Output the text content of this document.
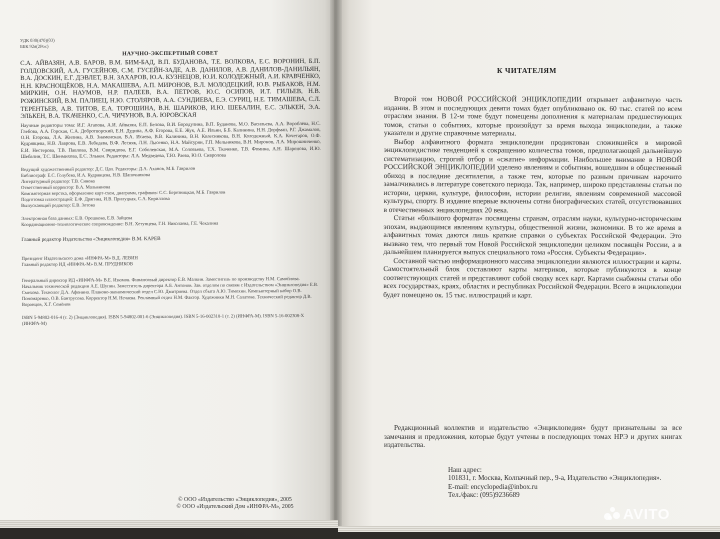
УДК 030(470)(03)
ББК 92я(2Рос)
НАУЧНО-ЭКСПЕРТНЫЙ СОВЕТ
С.А. АЙВАЗЯН, А.В. БАРОВ, В.М. БИМ-БАД, В.П. БУДАНОВА, Т.Е. ВОЛКОВА, Е.С. ВОРОНИН, Б.П. ГОЛДОВСКИЙ, А.А. ГУСЕЙНОВ, С.М. ГУСЕЙН-ЗАДЕ, А.В. ДАНИЛОВ, А.В. ДАНИЛОВ-ДАНИЛЬЯН, В.А. ДОСКИН, Е.Г. ДЭВЛЕТ, В.Н. ЗАХАРОВ, Ю.А. КУЗНЕЦОВ, Ю.И. КОЛОДЕЖНЫЙ, А.И. КРАВЧЕНКО, Н.Н. КРАСНОЩЁКОВ, Н.А. МАКАШЕВА, А.П. МИРОНОВ, В.Л. МОЛОДЕЦКИЙ, Ю.В. РЫБАКОВ, Н.М. МИРКИН, О.Н. НАУМОВ, Н.Р. ПАЛЕЕВ, В.А. ПЕТРОВ, Ю.С. ОСИПОВ, И.Т. ГИЛЬЕВ, Н.В. РОЖИНСКИЙ, В.М. ПАЛИЕЦ, Н.Ю. СТОЛЯРОВ, А.А. СУНДИЕВА, Е.Э. СУРИЦ, Н.Е. ТИМАШЕВА, С.Л. ТЕРЕНТЬЕВ, А.В. ТИТОВ, Е.А. ТОРОШИНА, В.Н. ШАРИКОВ, И.Ю. ШЕБАЛИН, Е.С. ЭЛЬКЕН, Э.А. ЭЛЬКЕН, В.А. ТКАЧЕНКО, С.А. ЧИЧУНОВ, В.А. ЮРОВСКАЯ
Научные редакторы тома: И.Г. Агапова, А.И. Айвазян, Е.П. Белова, В.И. Бородулина, В.П. Буданова, М.О. Васильева, А.А. Вороблёва, Н.С. Глебова, А.А. Горская, С.А. Добротворский, Е.Н. Дудина, А.Ф. Егорова, Е.Е. Жук, А.Е. Ильин, Б.Б. Калинина, Н.Н. Дорфман, Р.Г. Джамалов, О.Н. Егорова, Л.А. Жилина, А.В. Знаменская, В.А. Исаева, В.В. Калинина, В.Н. Колесникова, В.Н. Колодежный, К.А. Кочетаров, О.Ф. Кудрявцева, Н.В. Лаврова, Е.В. Лебедева, В.Ф. Лесняк, Л.Н. Лысенко, Н.А. Майсурян, Г.П. Мельникова, В.Н. Миронов, Л.А. Мирошниченко, Е.И. Нестерова, Т.В. Павлова, В.М. Свиридова, Е.Г. Соболевская, М.А. Соловьева, Т.Х. Ткаченко, Т.В. Фомина, А.Н. Шаронова, И.Ю. Шебалин, Т.С. Шенмихова, Е.С. Элькен. Редакторы: Л.А. Медведева, Т.Ю. Раева, Ю.О. Сивролова
Ведущий художественный редактор: Д.С. Цап. Редакторы: Д.А. Аханов, М.Б. Гаврилов
Библиограф: Е.С. Голубева, И.А. Кудрявцева, Н.В. Шапочникова
Литературный редактор: Т.В. Сивова
Ответственный корректор: В.А. Мальвинова
Компьютерная верстка, оформление карт-схем, диаграмм, графиков: С.С. Березницкая, М.Б. Гаврилов
Подготовка иллюстраций: Е.Ф. Дрягина, И.В. Прилуцкая, С.А. Кириллова
Выпускающий редактор: Е.В. Зотова
Электронная база данных: Е.В. Орешкова, Е.В. Зайцева
Координационно-технологическое сопровождение: В.Н. Хетунцева, Г.Н. Николаева, Г.Е. Чекалина
Главный редактор Издательства «Энциклопедия» В.М. КАРЕВ
Президент Издательского дома «ИНФРА-М» В.Д. ЛЕВИН
Главный редактор ИД «ИНФРА-М» В.М. ПРУДНИКОВ
Генеральный директор ИД «ИНФРА-М» В.Е. Изюмов. Финансовый директор Е.В. Малкин. Заместитель по производству Н.М. Самойлова. Начальник технической редакции А.Е. Шупин. Заместитель директора А.Б. Антонов. Зав. отделом по связям с Издательством «Энциклопедия» Е.В. Смехова. Технолог Д.А. Афонина. Планово-экономический отдел С.Ю. Дмитриева. Отдел сбыта А.Ю. Тимохин. Компьютерный набор О.В. Пономаренко, О.В. Бантрусова. Корректор Н.М. Нечаева. Рекламный отдел Н.М. Фактор. Художники М.Н. Салатова. Технический редактор Д.В. Воронцов, Х.Г. Семёнов
ISBN 5-94802-016-4 (т. 2) (Энциклопедия). ISBN 5-94802-001-6 (Энциклопедия). ISBN 5-16-002310-1 (т. 2) (ИНФРА-М). ISBN 5-16-002308-X (ИНФРА-М)
© ООО «Издательство «Энциклопедия», 2005
© ООО «Издательский Дом «ИНФРА-М», 2005
К ЧИТАТЕЛЯМ

Второй том НОВОЙ РОССИЙСКОЙ ЭНЦИКЛОПЕДИИ открывает алфавитную часть издания. В этом и последующих девяти томах будет опубликовано ок. 60 тыс. статей по всем отраслям знания. В 12-м томе будут помещены дополнения к материалам предшествующих томов, статьи о событиях, которые произойдут за время выхода энциклопедии, а также указатели и другие справочные материалы.

Выбор алфавитного формата энциклопедии продиктован сложившейся в мировой энциклопедистике тенденцией к сокращению количества томов, предполагающей дальнейшую систематизацию, строгий отбор и «сжатие» информации. Наибольшее внимание в НОВОЙ РОССИЙСКОЙ ЭНЦИКЛОПЕДИИ уделено явлениям и событиям, вошедшим в общественный обиход в последние десятилетия, а также тем, которые по разным причинам нарочито замалчивались в литературе советского периода. Так, например, широко представлены статьи по истории, церкви, культуре, философии, истории религии, явлениям современной массовой культуры, спорту. В издание впервые включены сотни биографических статей, отсутствовавших в отечественных энциклопедиях 20 века.

Статьи «большого формата» посвящены странам, отраслям науки, культурно-историческим эпохам, выдающимся явлениям культуры, общественной жизни, экономики. В то же время в алфавитных томах даются лишь краткие справки о субъектах Российской Федерации. Это вызвано тем, что первый том Новой Российской энциклопедии целиком посвящён России, а в дальнейшем планируется выпуск специального тома «Россия. Субъекты Федерации».

Составной частью информационного массива энциклопедии являются иллюстрации и карты. Самостоятельный блок составляют карты материков, которые публикуются в конце соответствующих статей и представляют собой сводку всех карт. Картами снабжены статьи обо всех государствах, краях, областях и республиках Российской Федерации. Всего в энциклопедии будет помещено ок. 15 тыс. иллюстраций и карт.

Редакционный коллектив и издательство «Энциклопедия» будут признательны за все замечания и предложения, которые будут учтены в последующих томах НРЭ и других книгах издательства.

Наш адрес:
101831, г. Москва, Колпачный пер., 9-а, Издательство «Энциклопедия».
E-mail: encyclopedia@inbox.ru
Тел./факс: (095)9236689
AVITO
